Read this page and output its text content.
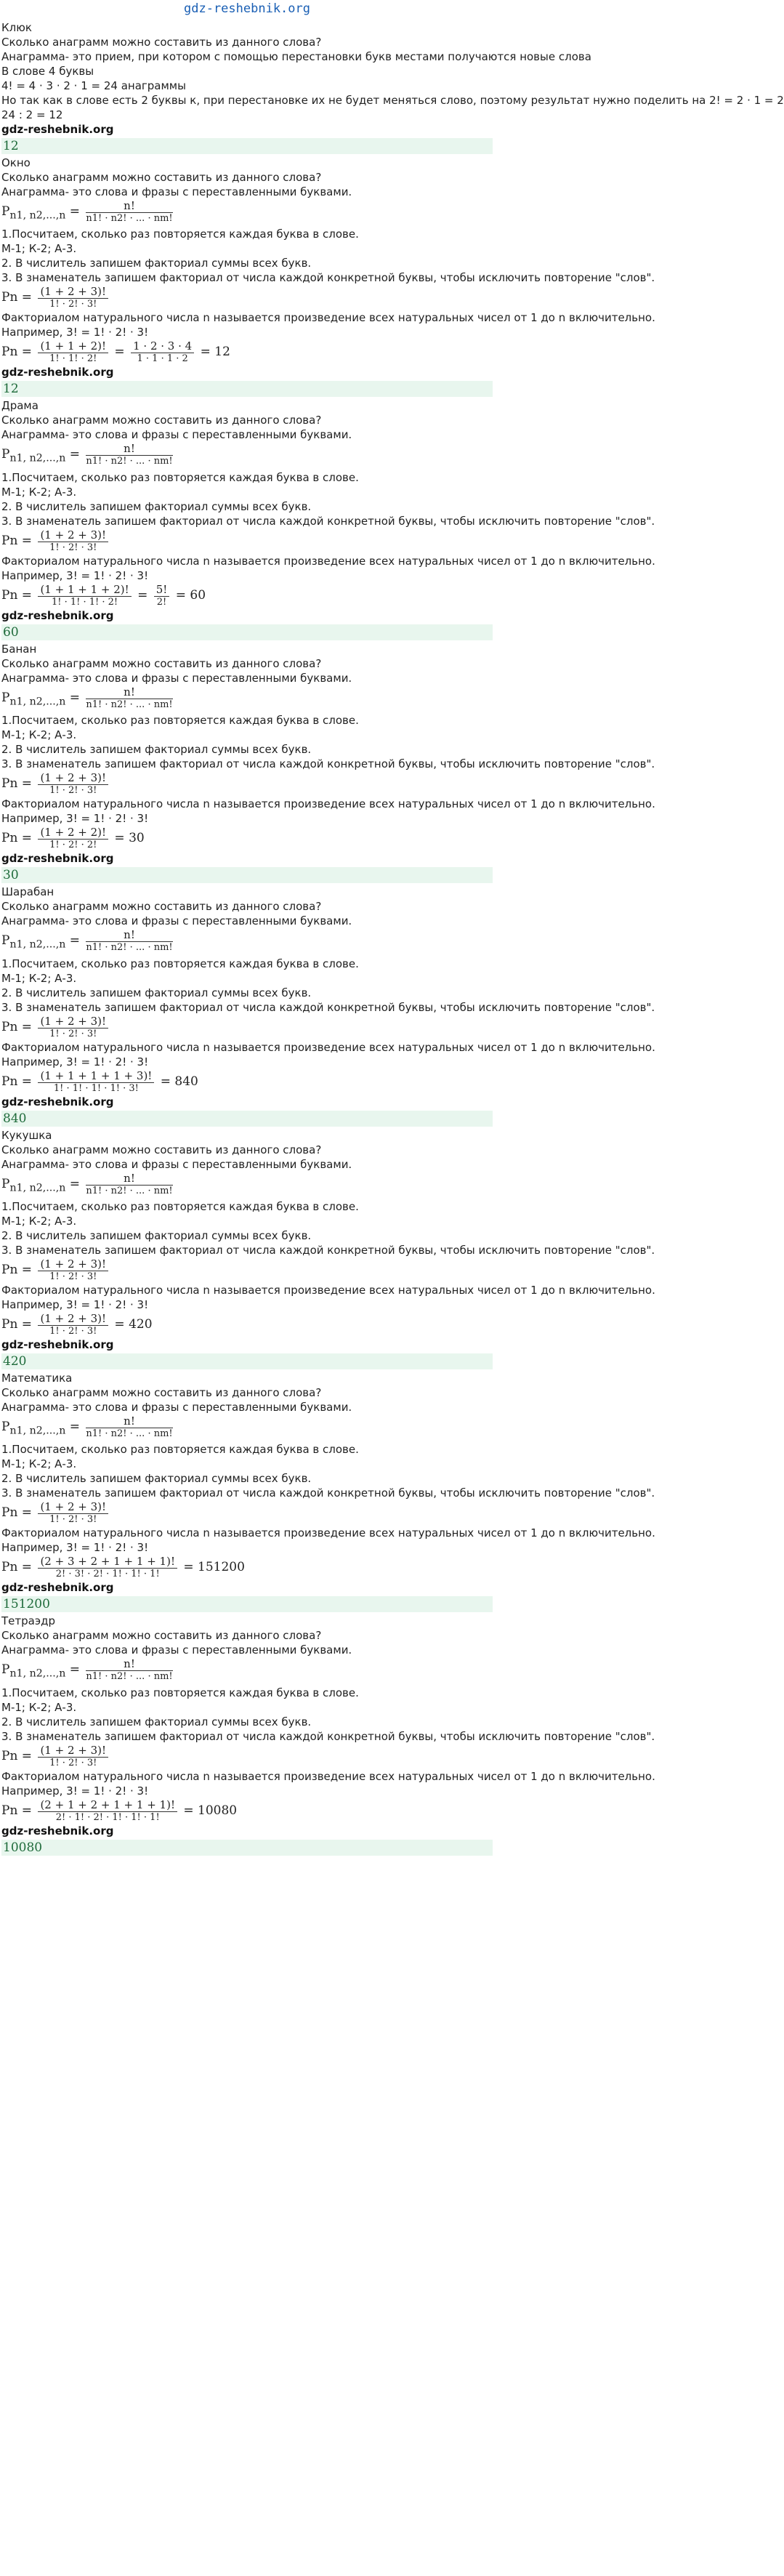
gdz-reshebnik.org
Клюк
Сколько анаграмм можно составить из данного слова?
Анаграмма- это прием, при котором с помощью перестановки букв местами получаются новые слова
В слове 4 буквы
4! = 4 · 3 · 2 · 1 = 24 анаграммы
Но так как в слове есть 2 буквы к, при перестановке их не будет меняться слово, поэтому результат нужно поделить на 2! = 2 · 1 = 2
24 : 2 = 12
gdz-reshebnik.org
12
Окно
Сколько анаграмм можно составить из данного слова?
Анаграмма- это слова и фразы с переставленными буквами.
$P_{n1, n2,...,n} = \frac{n!}{n1! \cdot n2! \cdot ... \cdot nm!}$
1.Посчитаем, сколько раз повторяется каждая буква в слове.
М-1; К-2; А-3.
2. В числитель запишем факториал суммы всех букв.
3. В знаменатель запишем факториал от числа каждой конкретной буквы, чтобы исключить повторение "слов".
$Pn = \frac{(1 + 2 + 3)!}{1! \cdot 2! \cdot 3!}$
Факториалом натурального числа n называется произведение всех натуральных чисел от 1 до n включительно.
Например, 3! = 1! · 2! · 3!
$Pn = \frac{(1 + 1 + 2)!}{1! \cdot 1! \cdot 2!} = \frac{1 \cdot 2 \cdot 3 \cdot 4}{1 \cdot 1 \cdot 1 \cdot 2} = 12$
gdz-reshebnik.org
12
Драма
Сколько анаграмм можно составить из данного слова?
Анаграмма- это слова и фразы с переставленными буквами.
$P_{n1, n2,...,n} = \frac{n!}{n1! \cdot n2! \cdot ... \cdot nm!}$
1.Посчитаем, сколько раз повторяется каждая буква в слове.
М-1; К-2; А-3.
2. В числитель запишем факториал суммы всех букв.
3. В знаменатель запишем факториал от числа каждой конкретной буквы, чтобы исключить повторение "слов".
$Pn = \frac{(1 + 2 + 3)!}{1! \cdot 2! \cdot 3!}$
Факториалом натурального числа n называется произведение всех натуральных чисел от 1 до n включительно.
Например, 3! = 1! · 2! · 3!
$Pn = \frac{(1 + 1 + 1 + 2)!}{1! \cdot 1! \cdot 1! \cdot 2!} = \frac{5!}{2!} = 60$
gdz-reshebnik.org
60
Банан
Сколько анаграмм можно составить из данного слова?
Анаграмма- это слова и фразы с переставленными буквами.
$P_{n1, n2,...,n} = \frac{n!}{n1! \cdot n2! \cdot ... \cdot nm!}$
1.Посчитаем, сколько раз повторяется каждая буква в слове.
М-1; К-2; А-3.
2. В числитель запишем факториал суммы всех букв.
3. В знаменатель запишем факториал от числа каждой конкретной буквы, чтобы исключить повторение "слов".
$Pn = \frac{(1 + 2 + 3)!}{1! \cdot 2! \cdot 3!}$
Факториалом натурального числа n называется произведение всех натуральных чисел от 1 до n включительно.
Например, 3! = 1! · 2! · 3!
$Pn = \frac{(1 + 2 + 2)!}{1! \cdot 2! \cdot 2!} = 30$
gdz-reshebnik.org
30
Шарабан
Сколько анаграмм можно составить из данного слова?
Анаграмма- это слова и фразы с переставленными буквами.
$P_{n1, n2,...,n} = \frac{n!}{n1! \cdot n2! \cdot ... \cdot nm!}$
1.Посчитаем, сколько раз повторяется каждая буква в слове.
М-1; К-2; А-3.
2. В числитель запишем факториал суммы всех букв.
3. В знаменатель запишем факториал от числа каждой конкретной буквы, чтобы исключить повторение "слов".
$Pn = \frac{(1 + 2 + 3)!}{1! \cdot 2! \cdot 3!}$
Факториалом натурального числа n называется произведение всех натуральных чисел от 1 до n включительно.
Например, 3! = 1! · 2! · 3!
$Pn = \frac{(1 + 1 + 1 + 1 + 3)!}{1! \cdot 1! \cdot 1! \cdot 1! \cdot 3!} = 840$
gdz-reshebnik.org
840
Кукушка
Сколько анаграмм можно составить из данного слова?
Анаграмма- это слова и фразы с переставленными буквами.
$P_{n1, n2,...,n} = \frac{n!}{n1! \cdot n2! \cdot ... \cdot nm!}$
1.Посчитаем, сколько раз повторяется каждая буква в слове.
М-1; К-2; А-3.
2. В числитель запишем факториал суммы всех букв.
3. В знаменатель запишем факториал от числа каждой конкретной буквы, чтобы исключить повторение "слов".
$Pn = \frac{(1 + 2 + 3)!}{1! \cdot 2! \cdot 3!}$
Факториалом натурального числа n называется произведение всех натуральных чисел от 1 до n включительно.
Например, 3! = 1! · 2! · 3!
$Pn = \frac{(1 + 2 + 3)!}{1! \cdot 2! \cdot 3!} = 420$
gdz-reshebnik.org
420
Математика
Сколько анаграмм можно составить из данного слова?
Анаграмма- это слова и фразы с переставленными буквами.
$P_{n1, n2,...,n} = \frac{n!}{n1! \cdot n2! \cdot ... \cdot nm!}$
1.Посчитаем, сколько раз повторяется каждая буква в слове.
М-1; К-2; А-3.
2. В числитель запишем факториал суммы всех букв.
3. В знаменатель запишем факториал от числа каждой конкретной буквы, чтобы исключить повторение "слов".
$Pn = \frac{(1 + 2 + 3)!}{1! \cdot 2! \cdot 3!}$
Факториалом натурального числа n называется произведение всех натуральных чисел от 1 до n включительно.
Например, 3! = 1! · 2! · 3!
$Pn = \frac{(2 + 3 + 2 + 1 + 1 + 1)!}{2! \cdot 3! \cdot 2! \cdot 1! \cdot 1! \cdot 1!} = 151200$
gdz-reshebnik.org
151200
Тетраэдр
Сколько анаграмм можно составить из данного слова?
Анаграмма- это слова и фразы с переставленными буквами.
$P_{n1, n2,...,n} = \frac{n!}{n1! \cdot n2! \cdot ... \cdot nm!}$
1.Посчитаем, сколько раз повторяется каждая буква в слове.
М-1; К-2; А-3.
2. В числитель запишем факториал суммы всех букв.
3. В знаменатель запишем факториал от числа каждой конкретной буквы, чтобы исключить повторение "слов".
$Pn = \frac{(1 + 2 + 3)!}{1! \cdot 2! \cdot 3!}$
Факториалом натурального числа n называется произведение всех натуральных чисел от 1 до n включительно.
Например, 3! = 1! · 2! · 3!
$Pn = \frac{(2 + 1 + 2 + 1 + 1 + 1)!}{2! \cdot 1! \cdot 2! \cdot 1! \cdot 1! \cdot 1!} = 10080$
gdz-reshebnik.org
10080
